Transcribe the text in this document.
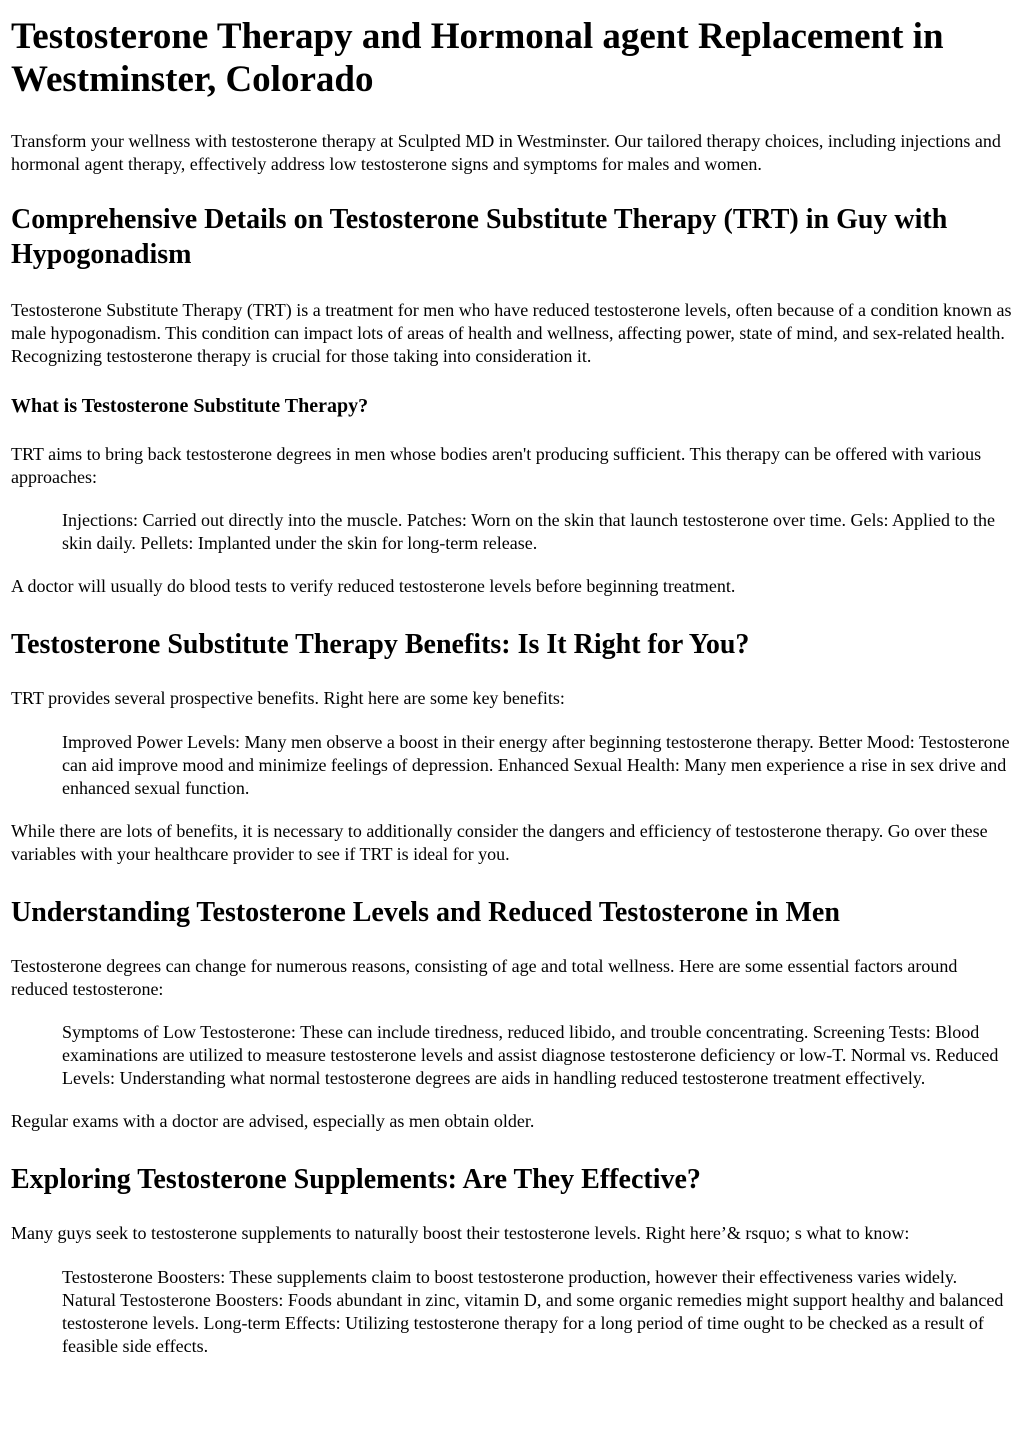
Testosterone Therapy and Hormonal agent Replacement in Westminster, Colorado

Transform your wellness with testosterone therapy at Sculpted MD in Westminster. Our tailored therapy choices, including injections and hormonal agent therapy, effectively address low testosterone signs and symptoms for males and women.

Comprehensive Details on Testosterone Substitute Therapy (TRT) in Guy with Hypogonadism

Testosterone Substitute Therapy (TRT) is a treatment for men who have reduced testosterone levels, often because of a condition known as male hypogonadism. This condition can impact lots of areas of health and wellness, affecting power, state of mind, and sex-related health. Recognizing testosterone therapy is crucial for those taking into consideration it.

What is Testosterone Substitute Therapy?

TRT aims to bring back testosterone degrees in men whose bodies aren't producing sufficient. This therapy can be offered with various approaches:

Injections: Carried out directly into the muscle. Patches: Worn on the skin that launch testosterone over time. Gels: Applied to the skin daily. Pellets: Implanted under the skin for long-term release.

A doctor will usually do blood tests to verify reduced testosterone levels before beginning treatment.

Testosterone Substitute Therapy Benefits: Is It Right for You?

TRT provides several prospective benefits. Right here are some key benefits:

Improved Power Levels: Many men observe a boost in their energy after beginning testosterone therapy. Better Mood: Testosterone can aid improve mood and minimize feelings of depression. Enhanced Sexual Health: Many men experience a rise in sex drive and enhanced sexual function.

While there are lots of benefits, it is necessary to additionally consider the dangers and efficiency of testosterone therapy. Go over these variables with your healthcare provider to see if TRT is ideal for you.

Understanding Testosterone Levels and Reduced Testosterone in Men

Testosterone degrees can change for numerous reasons, consisting of age and total wellness. Here are some essential factors around reduced testosterone:

Symptoms of Low Testosterone: These can include tiredness, reduced libido, and trouble concentrating. Screening Tests: Blood examinations are utilized to measure testosterone levels and assist diagnose testosterone deficiency or low-T. Normal vs. Reduced Levels: Understanding what normal testosterone degrees are aids in handling reduced testosterone treatment effectively.

Regular exams with a doctor are advised, especially as men obtain older.

Exploring Testosterone Supplements: Are They Effective?

Many guys seek to testosterone supplements to naturally boost their testosterone levels. Right here’& rsquo; s what to know:

Testosterone Boosters: These supplements claim to boost testosterone production, however their effectiveness varies widely. Natural Testosterone Boosters: Foods abundant in zinc, vitamin D, and some organic remedies might support healthy and balanced testosterone levels. Long-term Effects: Utilizing testosterone therapy for a long period of time ought to be checked as a result of feasible side effects.
